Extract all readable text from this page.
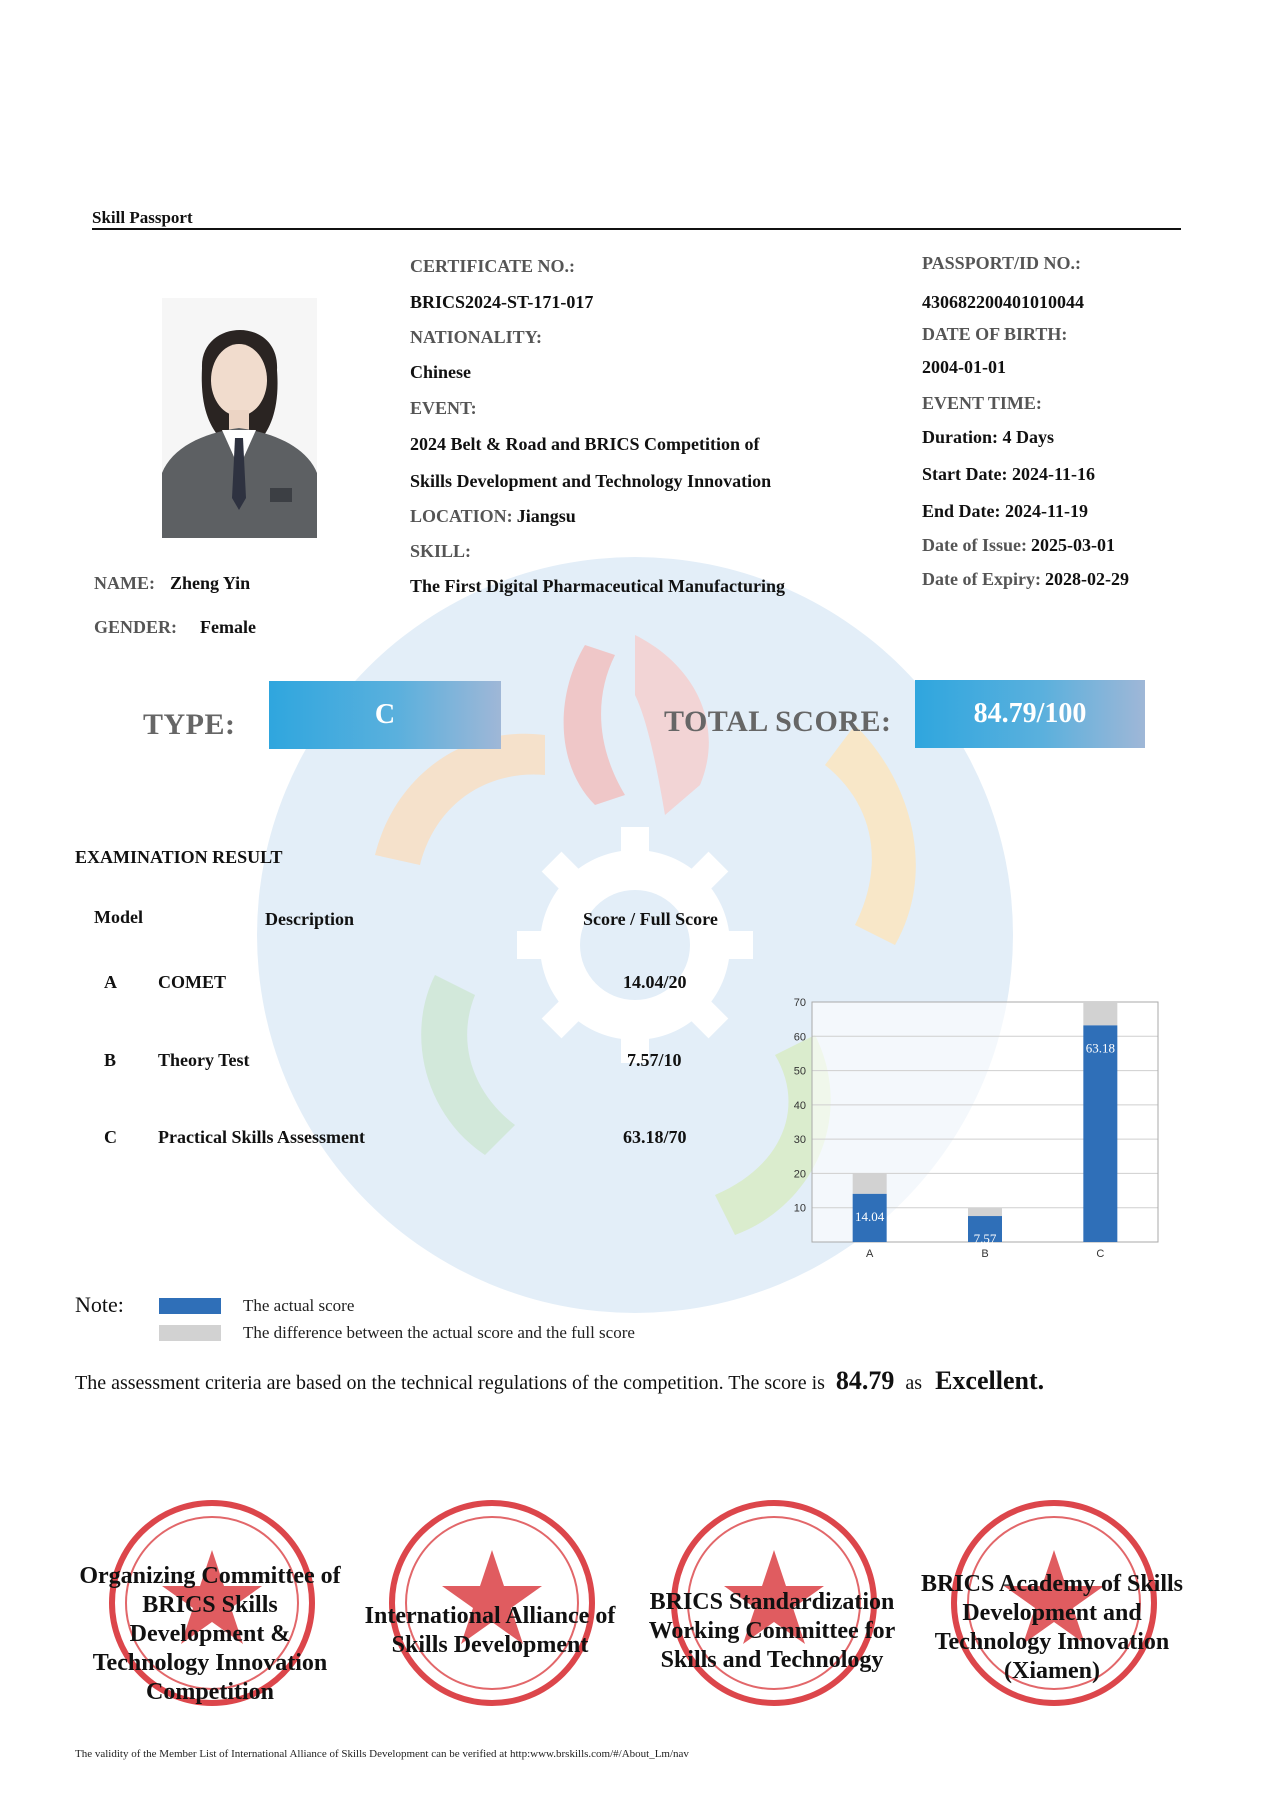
Skill Passport
NAME: Zheng Yin
GENDER: Female
CERTIFICATE NO.:
BRICS2024-ST-171-017
NATIONALITY:
Chinese
EVENT:
2024 Belt & Road and BRICS Competition of
Skills Development and Technology Innovation
LOCATION: Jiangsu
SKILL:
The First Digital Pharmaceutical Manufacturing
PASSPORT/ID NO.:
430682200401010044
DATE OF BIRTH:
2004-01-01
EVENT TIME:
Duration: 4 Days
Start Date: 2024-11-16
End Date: 2024-11-19
Date of Issue: 2025-03-01
Date of Expiry: 2028-02-29
TYPE:	C	TOTAL SCORE:	84.79/100
EXAMINATION RESULT
Model	Description	Score / Full Score
A COMET	14.04/20
B Theory Test	7.57/10
C Practical Skills Assessment	63.18/70
10
20
30
40
50
60
70
14.04
A
7.57
B
63.18
C
Note:	The actual score
The difference between the actual score and the full score
The assessment criteria are based on the technical regulations of the competition. The score is 84.79 as Excellent.
Organizing Committee of BRICS Skills Development & Technology Innovation Competition
International Alliance of Skills Development
BRICS Standardization Working Committee for Skills and Technology
BRICS Academy of Skills Development and Technology Innovation (Xiamen)
The validity of the Member List of International Alliance of Skills Development can be verified at http:www.brskills.com/#/About_Lm/nav
